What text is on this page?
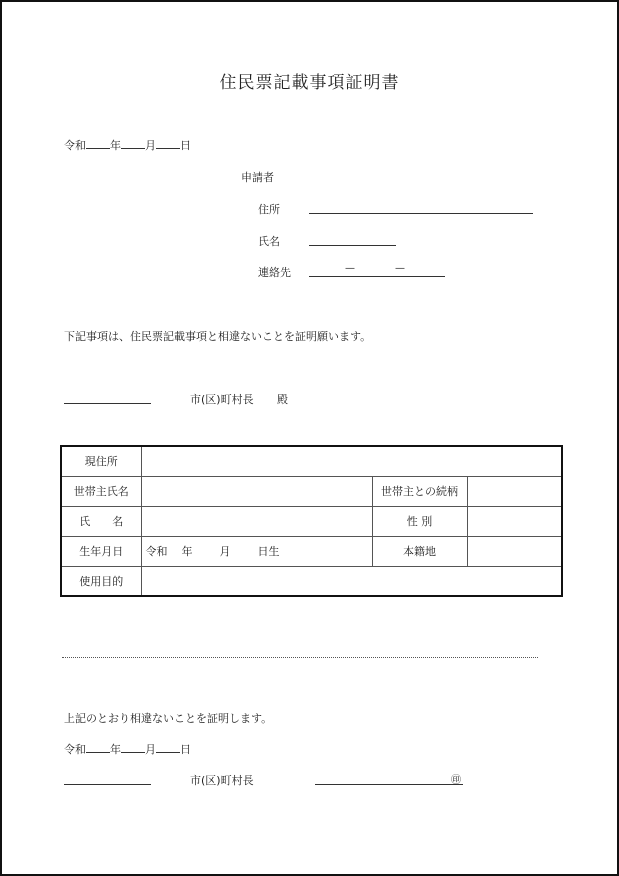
住民票記載事項証明書
令和 年 月 日
申請者
住所
氏名
連絡先	—	—
下記事項は、住民票記載事項と相違ないことを証明願います。
市(区)町村長 殿
現住所			
世帯主氏名		世帯主との続柄	
氏　　名		性 別	
生年月日	令和 年 月 日生	本籍地	
使用目的			
上記のとおり相違ないことを証明します。
令和 年 月 日
市(区)町村長	㊞
